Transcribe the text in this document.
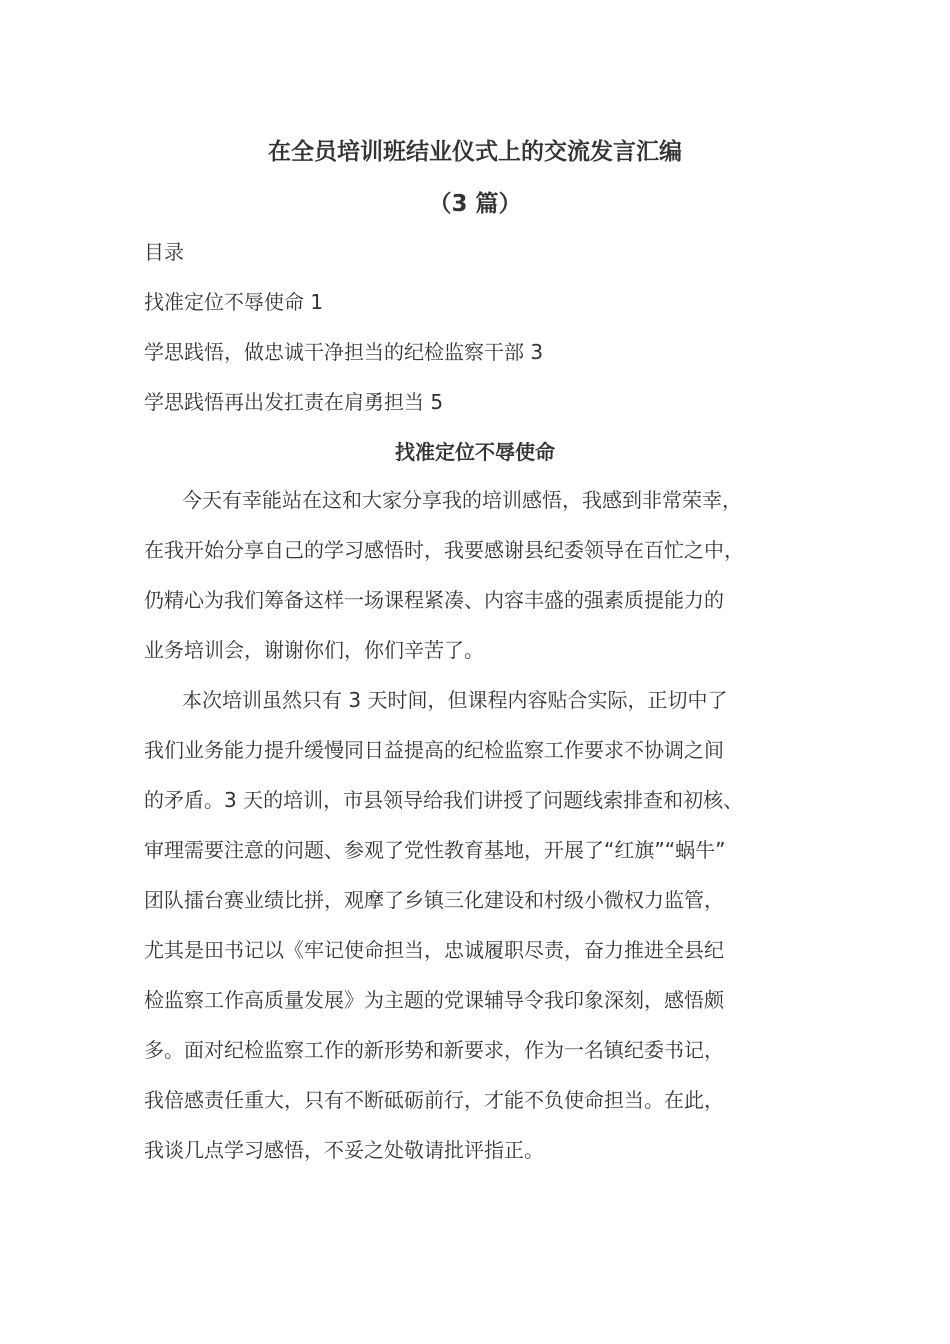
在全员培训班结业仪式上的交流发言汇编
（3 篇）

目录

找准定位不辱使命 1

学思践悟，做忠诚干净担当的纪检监察干部 3

学思践悟再出发扛责在肩勇担当 5

找准定位不辱使命
今天有幸能站在这和大家分享我的培训感悟，我感到非常荣幸，
在我开始分享自己的学习感悟时，我要感谢县纪委领导在百忙之中，
仍精心为我们筹备这样一场课程紧凑、内容丰盛的强素质提能力的
业务培训会，谢谢你们，你们辛苦了。
本次培训虽然只有 3 天时间，但课程内容贴合实际，正切中了
我们业务能力提升缓慢同日益提高的纪检监察工作要求不协调之间
的矛盾。3 天的培训，市县领导给我们讲授了问题线索排查和初核、
审理需要注意的问题、参观了党性教育基地，开展了“红旗”“蜗牛”
团队擂台赛业绩比拼，观摩了乡镇三化建设和村级小微权力监管，
尤其是田书记以《牢记使命担当，忠诚履职尽责，奋力推进全县纪
检监察工作高质量发展》为主题的党课辅导令我印象深刻，感悟颇
多。面对纪检监察工作的新形势和新要求，作为一名镇纪委书记，
我倍感责任重大，只有不断砥砺前行，才能不负使命担当。在此，
我谈几点学习感悟，不妥之处敬请批评指正。
